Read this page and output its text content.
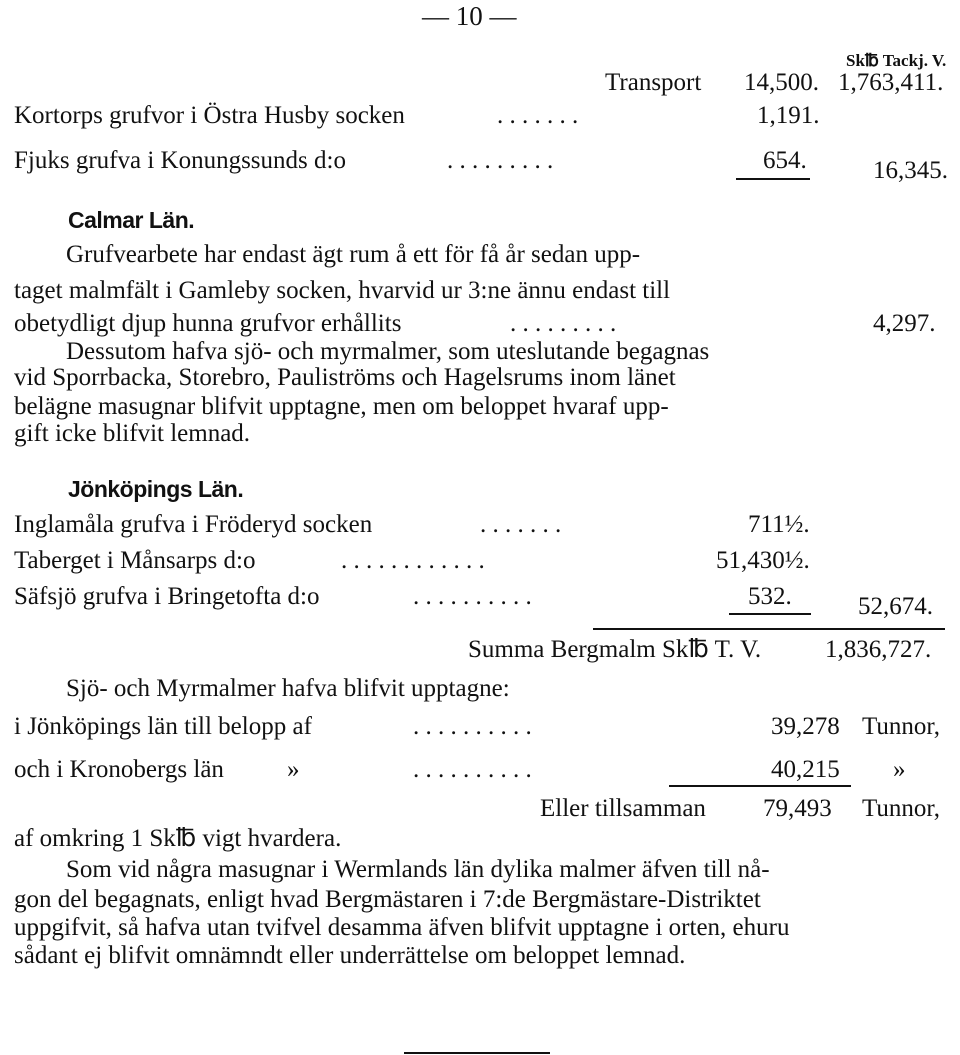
— 10 —
Sk℔ Tackj. V.
Transport 14,500. 1,763,411.
Kortorps grufvor i Östra Husby socken	. . . . . . .	1,191.
Fjuks grufva i Konungssunds d:o	. . . . . . . . .	654.	16,345.
Calmar Län.
Grufvearbete har endast ägt rum å ett för få år sedan upp-
taget malmfält i Gamleby socken, hvarvid ur 3:ne ännu endast till
obetydligt djup hunna grufvor erhållits	. . . . . . . . .	4,297.
Dessutom hafva sjö- och myrmalmer, som uteslutande begagnas
vid Sporrbacka, Storebro, Pauliströms och Hagelsrums inom länet
belägne masugnar blifvit upptagne, men om beloppet hvaraf upp-
gift icke blifvit lemnad.
Jönköpings Län.
Inglamåla grufva i Fröderyd socken	. . . . . . .	711½.
Taberget i Månsarps d:o	. . . . . . . . . . . .	51,430½.
Säfsjö grufva i Bringetofta d:o	. . . . . . . . . .	532.	52,674.
Summa Bergmalm Sk℔ T. V.	1,836,727.
Sjö- och Myrmalmer hafva blifvit upptagne:
i Jönköpings län till belopp af	. . . . . . . . . .	39,278 Tunnor,
och i Kronobergs län	»	. . . . . . . . . .	40,215 »
Eller tillsamman 79,493 Tunnor,
af omkring 1 Sk℔ vigt hvardera.
Som vid några masugnar i Wermlands län dylika malmer äfven till nå-
gon del begagnats, enligt hvad Bergmästaren i 7:de Bergmästare-Distriktet
uppgifvit, så hafva utan tvifvel desamma äfven blifvit upptagne i orten, ehuru
sådant ej blifvit omnämndt eller underrättelse om beloppet lemnad.
